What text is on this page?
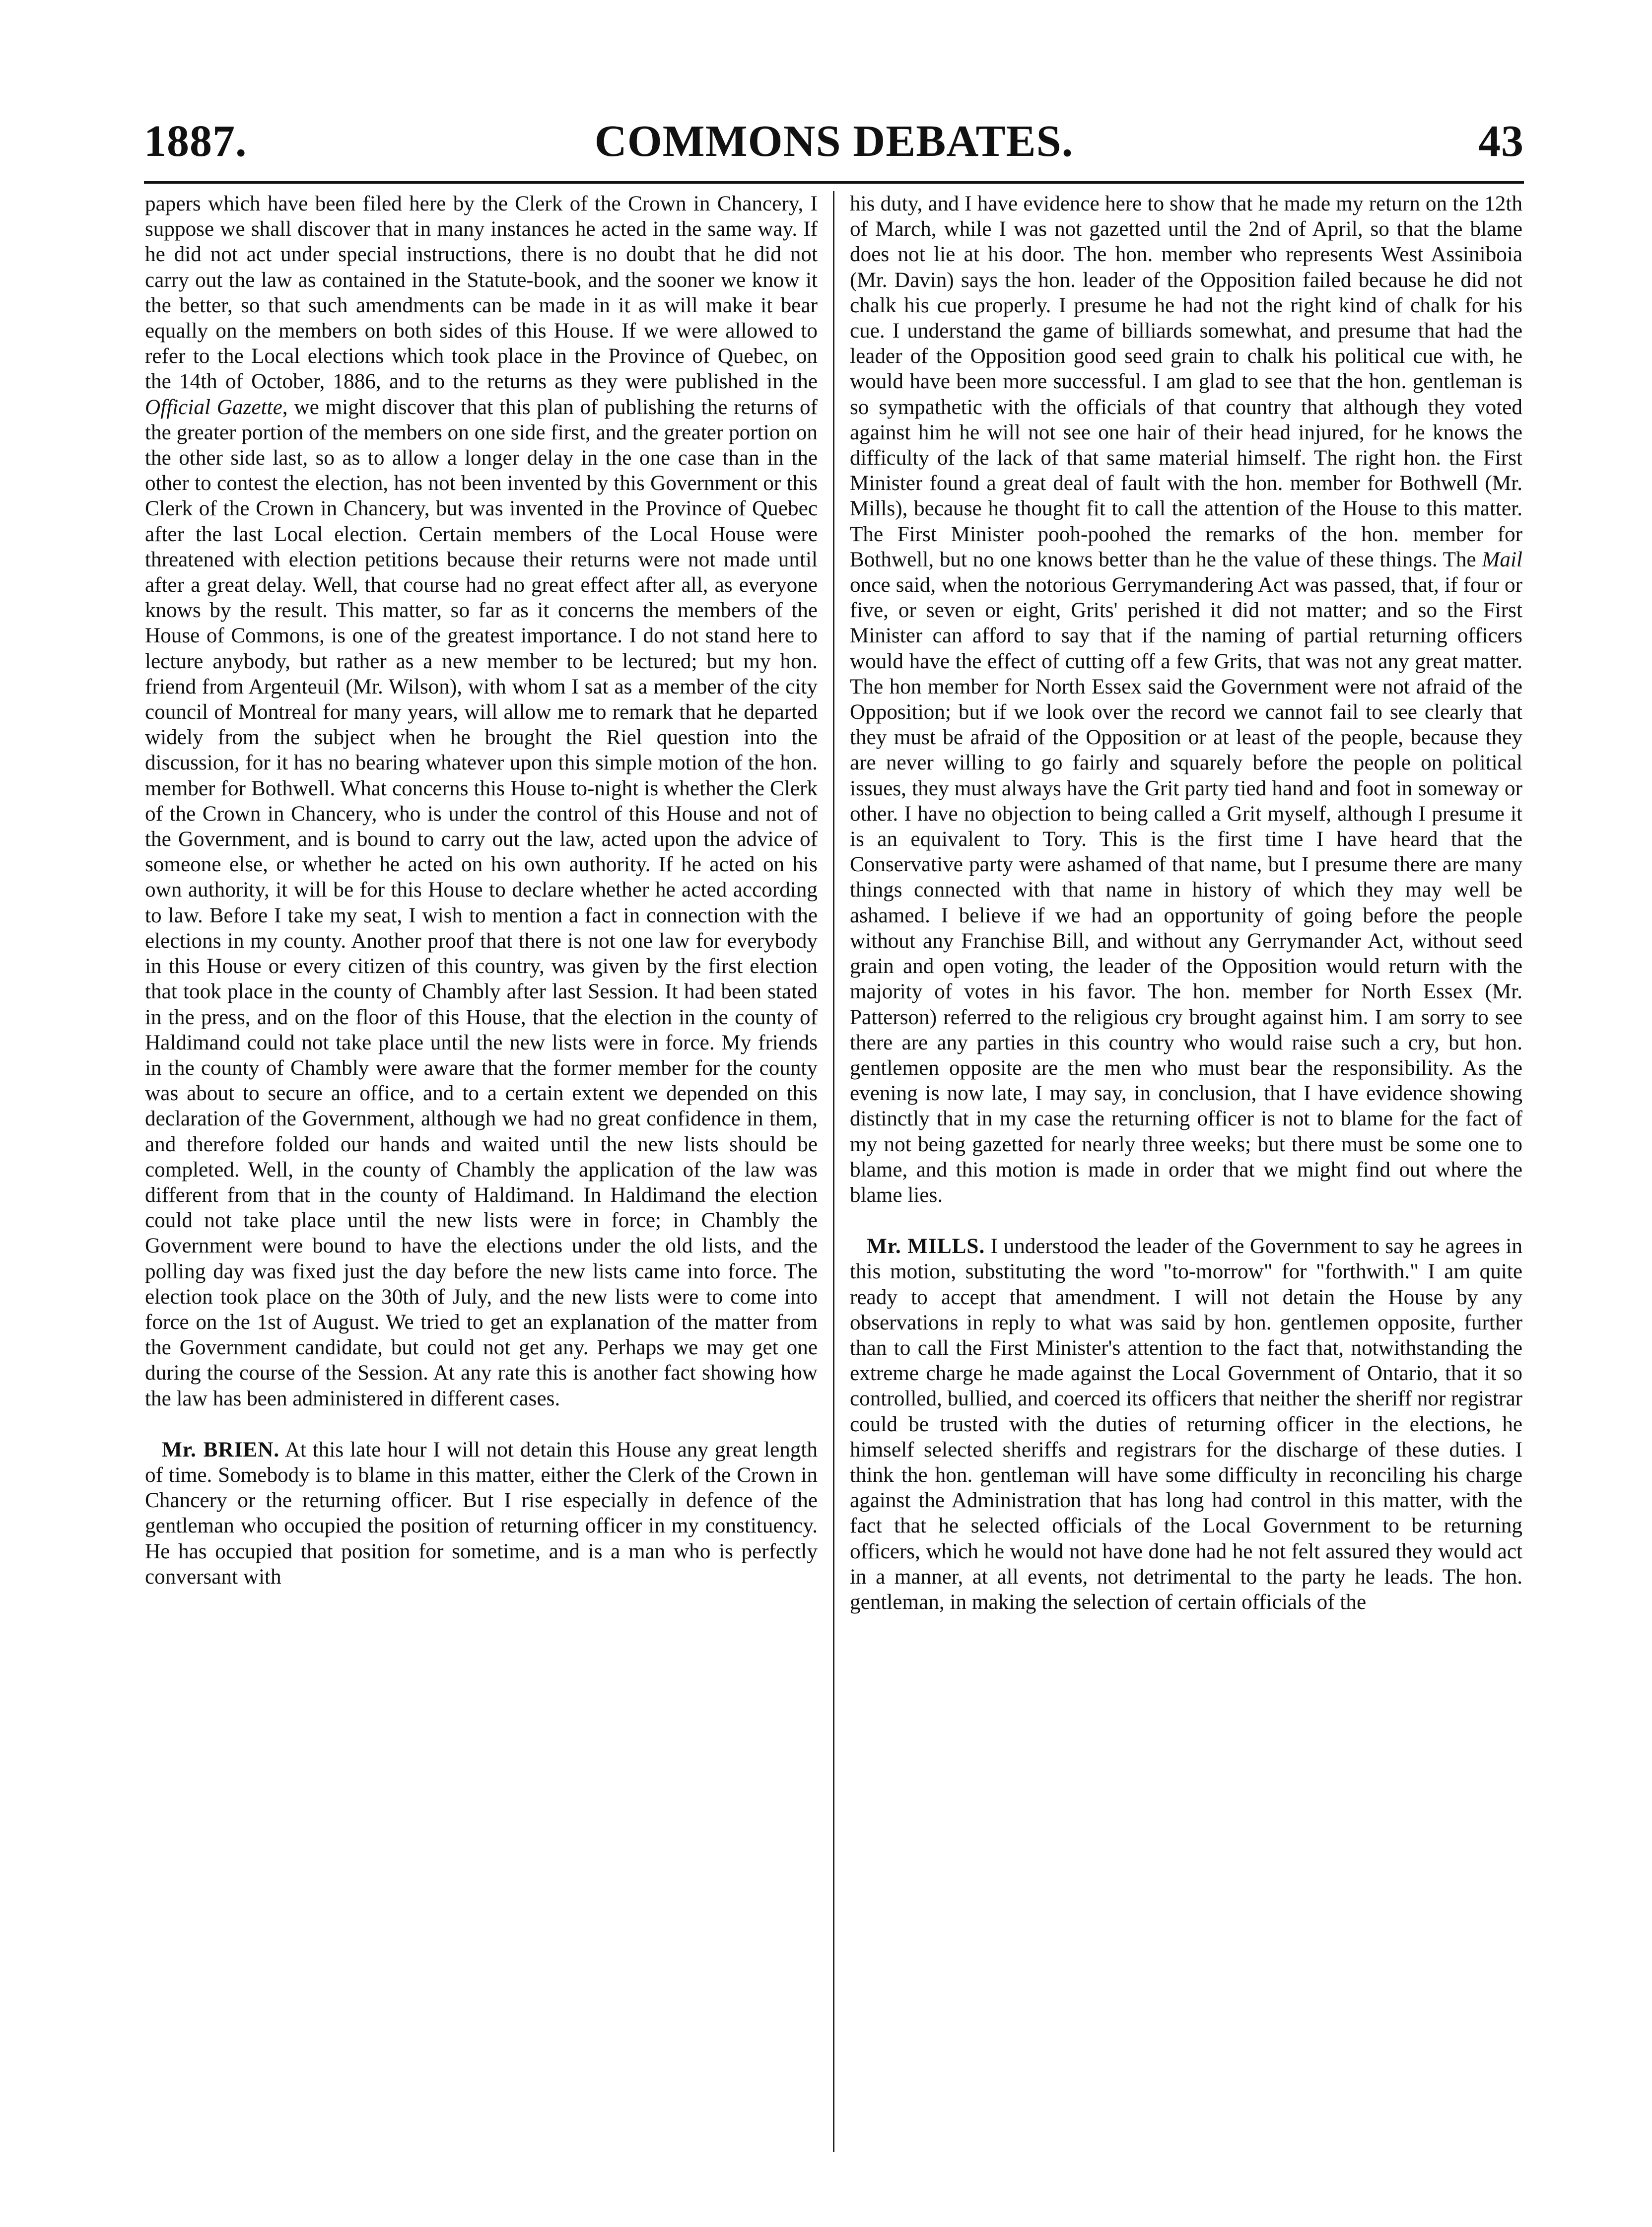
1887.	COMMONS DEBATES.	43

papers which have been filed here by the Clerk of the Crown in Chancery, I suppose we shall discover that in many instances he acted in the same way. If he did not act under special instructions, there is no doubt that he did not carry out the law as contained in the Statute-book, and the sooner we know it the better, so that such amendments can be made in it as will make it bear equally on the members on both sides of this House. If we were allowed to refer to the Local elections which took place in the Province of Quebec, on the 14th of October, 1886, and to the returns as they were published in the Official Gazette, we might discover that this plan of publishing the returns of the greater portion of the members on one side first, and the greater portion on the other side last, so as to allow a longer delay in the one case than in the other to contest the election, has not been invented by this Government or this Clerk of the Crown in Chancery, but was invented in the Province of Quebec after the last Local election. Certain members of the Local House were threatened with election petitions because their returns were not made until after a great delay. Well, that course had no great effect after all, as everyone knows by the result. This matter, so far as it concerns the members of the House of Commons, is one of the greatest importance. I do not stand here to lecture anybody, but rather as a new member to be lectured; but my hon. friend from Argenteuil (Mr. Wilson), with whom I sat as a member of the city council of Montreal for many years, will allow me to remark that he departed widely from the subject when he brought the Riel question into the discussion, for it has no bearing whatever upon this simple motion of the hon. member for Bothwell. What concerns this House to-night is whether the Clerk of the Crown in Chancery, who is under the control of this House and not of the Government, and is bound to carry out the law, acted upon the advice of someone else, or whether he acted on his own authority. If he acted on his own authority, it will be for this House to declare whether he acted according to law. Before I take my seat, I wish to mention a fact in connection with the elections in my county. Another proof that there is not one law for everybody in this House or every citizen of this country, was given by the first election that took place in the county of Chambly after last Session. It had been stated in the press, and on the floor of this House, that the election in the county of Haldimand could not take place until the new lists were in force. My friends in the county of Chambly were aware that the former member for the county was about to secure an office, and to a certain extent we depended on this declaration of the Government, although we had no great confidence in them, and therefore folded our hands and waited until the new lists should be completed. Well, in the county of Chambly the application of the law was different from that in the county of Haldimand. In Haldimand the election could not take place until the new lists were in force; in Chambly the Government were bound to have the elections under the old lists, and the polling day was fixed just the day before the new lists came into force. The election took place on the 30th of July, and the new lists were to come into force on the 1st of August. We tried to get an explanation of the matter from the Government candidate, but could not get any. Perhaps we may get one during the course of the Session. At any rate this is another fact showing how the law has been administered in different cases.

Mr. BRIEN. At this late hour I will not detain this House any great length of time. Somebody is to blame in this matter, either the Clerk of the Crown in Chancery or the returning officer. But I rise especially in defence of the gentleman who occupied the position of returning officer in my constituency. He has occupied that position for sometime, and is a man who is perfectly conversant with

his duty, and I have evidence here to show that he made my return on the 12th of March, while I was not gazetted until the 2nd of April, so that the blame does not lie at his door. The hon. member who represents West Assiniboia (Mr. Davin) says the hon. leader of the Opposition failed because he did not chalk his cue properly. I presume he had not the right kind of chalk for his cue. I understand the game of billiards somewhat, and presume that had the leader of the Opposition good seed grain to chalk his political cue with, he would have been more successful. I am glad to see that the hon. gentleman is so sympathetic with the officials of that country that although they voted against him he will not see one hair of their head injured, for he knows the difficulty of the lack of that same material himself. The right hon. the First Minister found a great deal of fault with the hon. member for Bothwell (Mr. Mills), because he thought fit to call the attention of the House to this matter. The First Minister pooh-poohed the remarks of the hon. member for Bothwell, but no one knows better than he the value of these things. The Mail once said, when the notorious Gerrymandering Act was passed, that, if four or five, or seven or eight, Grits' perished it did not matter; and so the First Minister can afford to say that if the naming of partial returning officers would have the effect of cutting off a few Grits, that was not any great matter. The hon member for North Essex said the Government were not afraid of the Opposition; but if we look over the record we cannot fail to see clearly that they must be afraid of the Opposition or at least of the people, because they are never willing to go fairly and squarely before the people on political issues, they must always have the Grit party tied hand and foot in someway or other. I have no objection to being called a Grit myself, although I presume it is an equivalent to Tory. This is the first time I have heard that the Conservative party were ashamed of that name, but I presume there are many things connected with that name in history of which they may well be ashamed. I believe if we had an opportunity of going before the people without any Franchise Bill, and without any Gerrymander Act, without seed grain and open voting, the leader of the Opposition would return with the majority of votes in his favor. The hon. member for North Essex (Mr. Patterson) referred to the religious cry brought against him. I am sorry to see there are any parties in this country who would raise such a cry, but hon. gentlemen opposite are the men who must bear the responsibility. As the evening is now late, I may say, in conclusion, that I have evidence showing distinctly that in my case the returning officer is not to blame for the fact of my not being gazetted for nearly three weeks; but there must be some one to blame, and this motion is made in order that we might find out where the blame lies.

Mr. MILLS. I understood the leader of the Government to say he agrees in this motion, substituting the word "to-morrow" for "forthwith." I am quite ready to accept that amendment. I will not detain the House by any observations in reply to what was said by hon. gentlemen opposite, further than to call the First Minister's attention to the fact that, notwithstanding the extreme charge he made against the Local Government of Ontario, that it so controlled, bullied, and coerced its officers that neither the sheriff nor registrar could be trusted with the duties of returning officer in the elections, he himself selected sheriffs and registrars for the discharge of these duties. I think the hon. gentleman will have some difficulty in reconciling his charge against the Administration that has long had control in this matter, with the fact that he selected officials of the Local Government to be returning officers, which he would not have done had he not felt assured they would act in a manner, at all events, not detrimental to the party he leads. The hon. gentleman, in making the selection of certain officials of the
